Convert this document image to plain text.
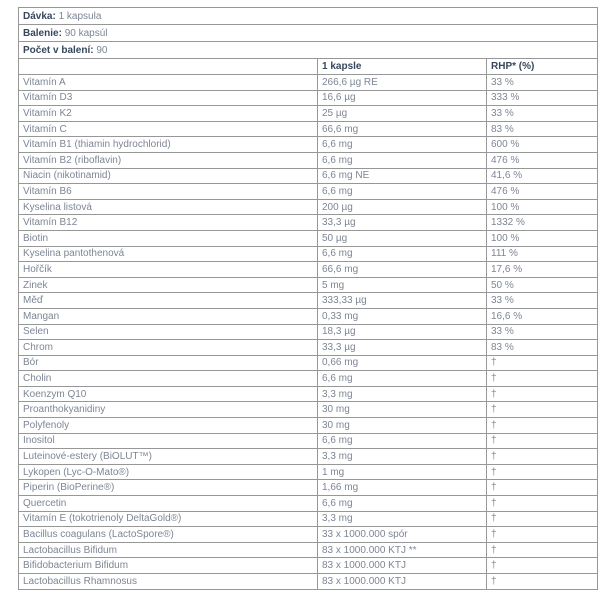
Dávka: 1 kapsula		
Balenie: 90 kapsúl		
Počet v balení: 90		
	1 kapsle	RHP* (%)
Vitamín A	266,6 µg RE	33 %
Vitamín D3	16,6 µg	333 %
Vitamín K2	25 µg	33 %
Vitamín C	66,6 mg	83 %
Vitamín B1 (thiamin hydrochlorid)	6,6 mg	600 %
Vitamín B2 (riboflavin)	6,6 mg	476 %
Niacin (nikotinamid)	6,6 mg NE	41,6 %
Vitamín B6	6,6 mg	476 %
Kyselina listová	200 µg	100 %
Vitamín B12	33,3 µg	1332 %
Biotin	50 µg	100 %
Kyselina pantothenová	6,6 mg	111 %
Hořčík	66,6 mg	17,6 %
Zinek	5 mg	50 %
Měď	333,33 µg	33 %
Mangan	0,33 mg	16,6 %
Selen	18,3 µg	33 %
Chrom	33,3 µg	83 %
Bór	0,66 mg	†
Cholin	6,6 mg	†
Koenzym Q10	3,3 mg	†
Proanthokyanidiny	30 mg	†
Polyfenoly	30 mg	†
Inositol	6,6 mg	†
Luteinové-estery (BiOLUT™)	3,3 mg	†
Lykopen (Lyc-O-Mato®)	1 mg	†
Piperin (BioPerine®)	1,66 mg	†
Quercetin	6,6 mg	†
Vitamín E (tokotrienoly DeltaGold®)	3,3 mg	†
Bacillus coagulans (LactoSpore®)	33 x 1000.000 spór	†
Lactobacillus Bifidum	83 x 1000.000 KTJ **	†
Bifidobacterium Bifidum	83 x 1000.000 KTJ	†
Lactobacillus Rhamnosus	83 x 1000.000 KTJ	†
